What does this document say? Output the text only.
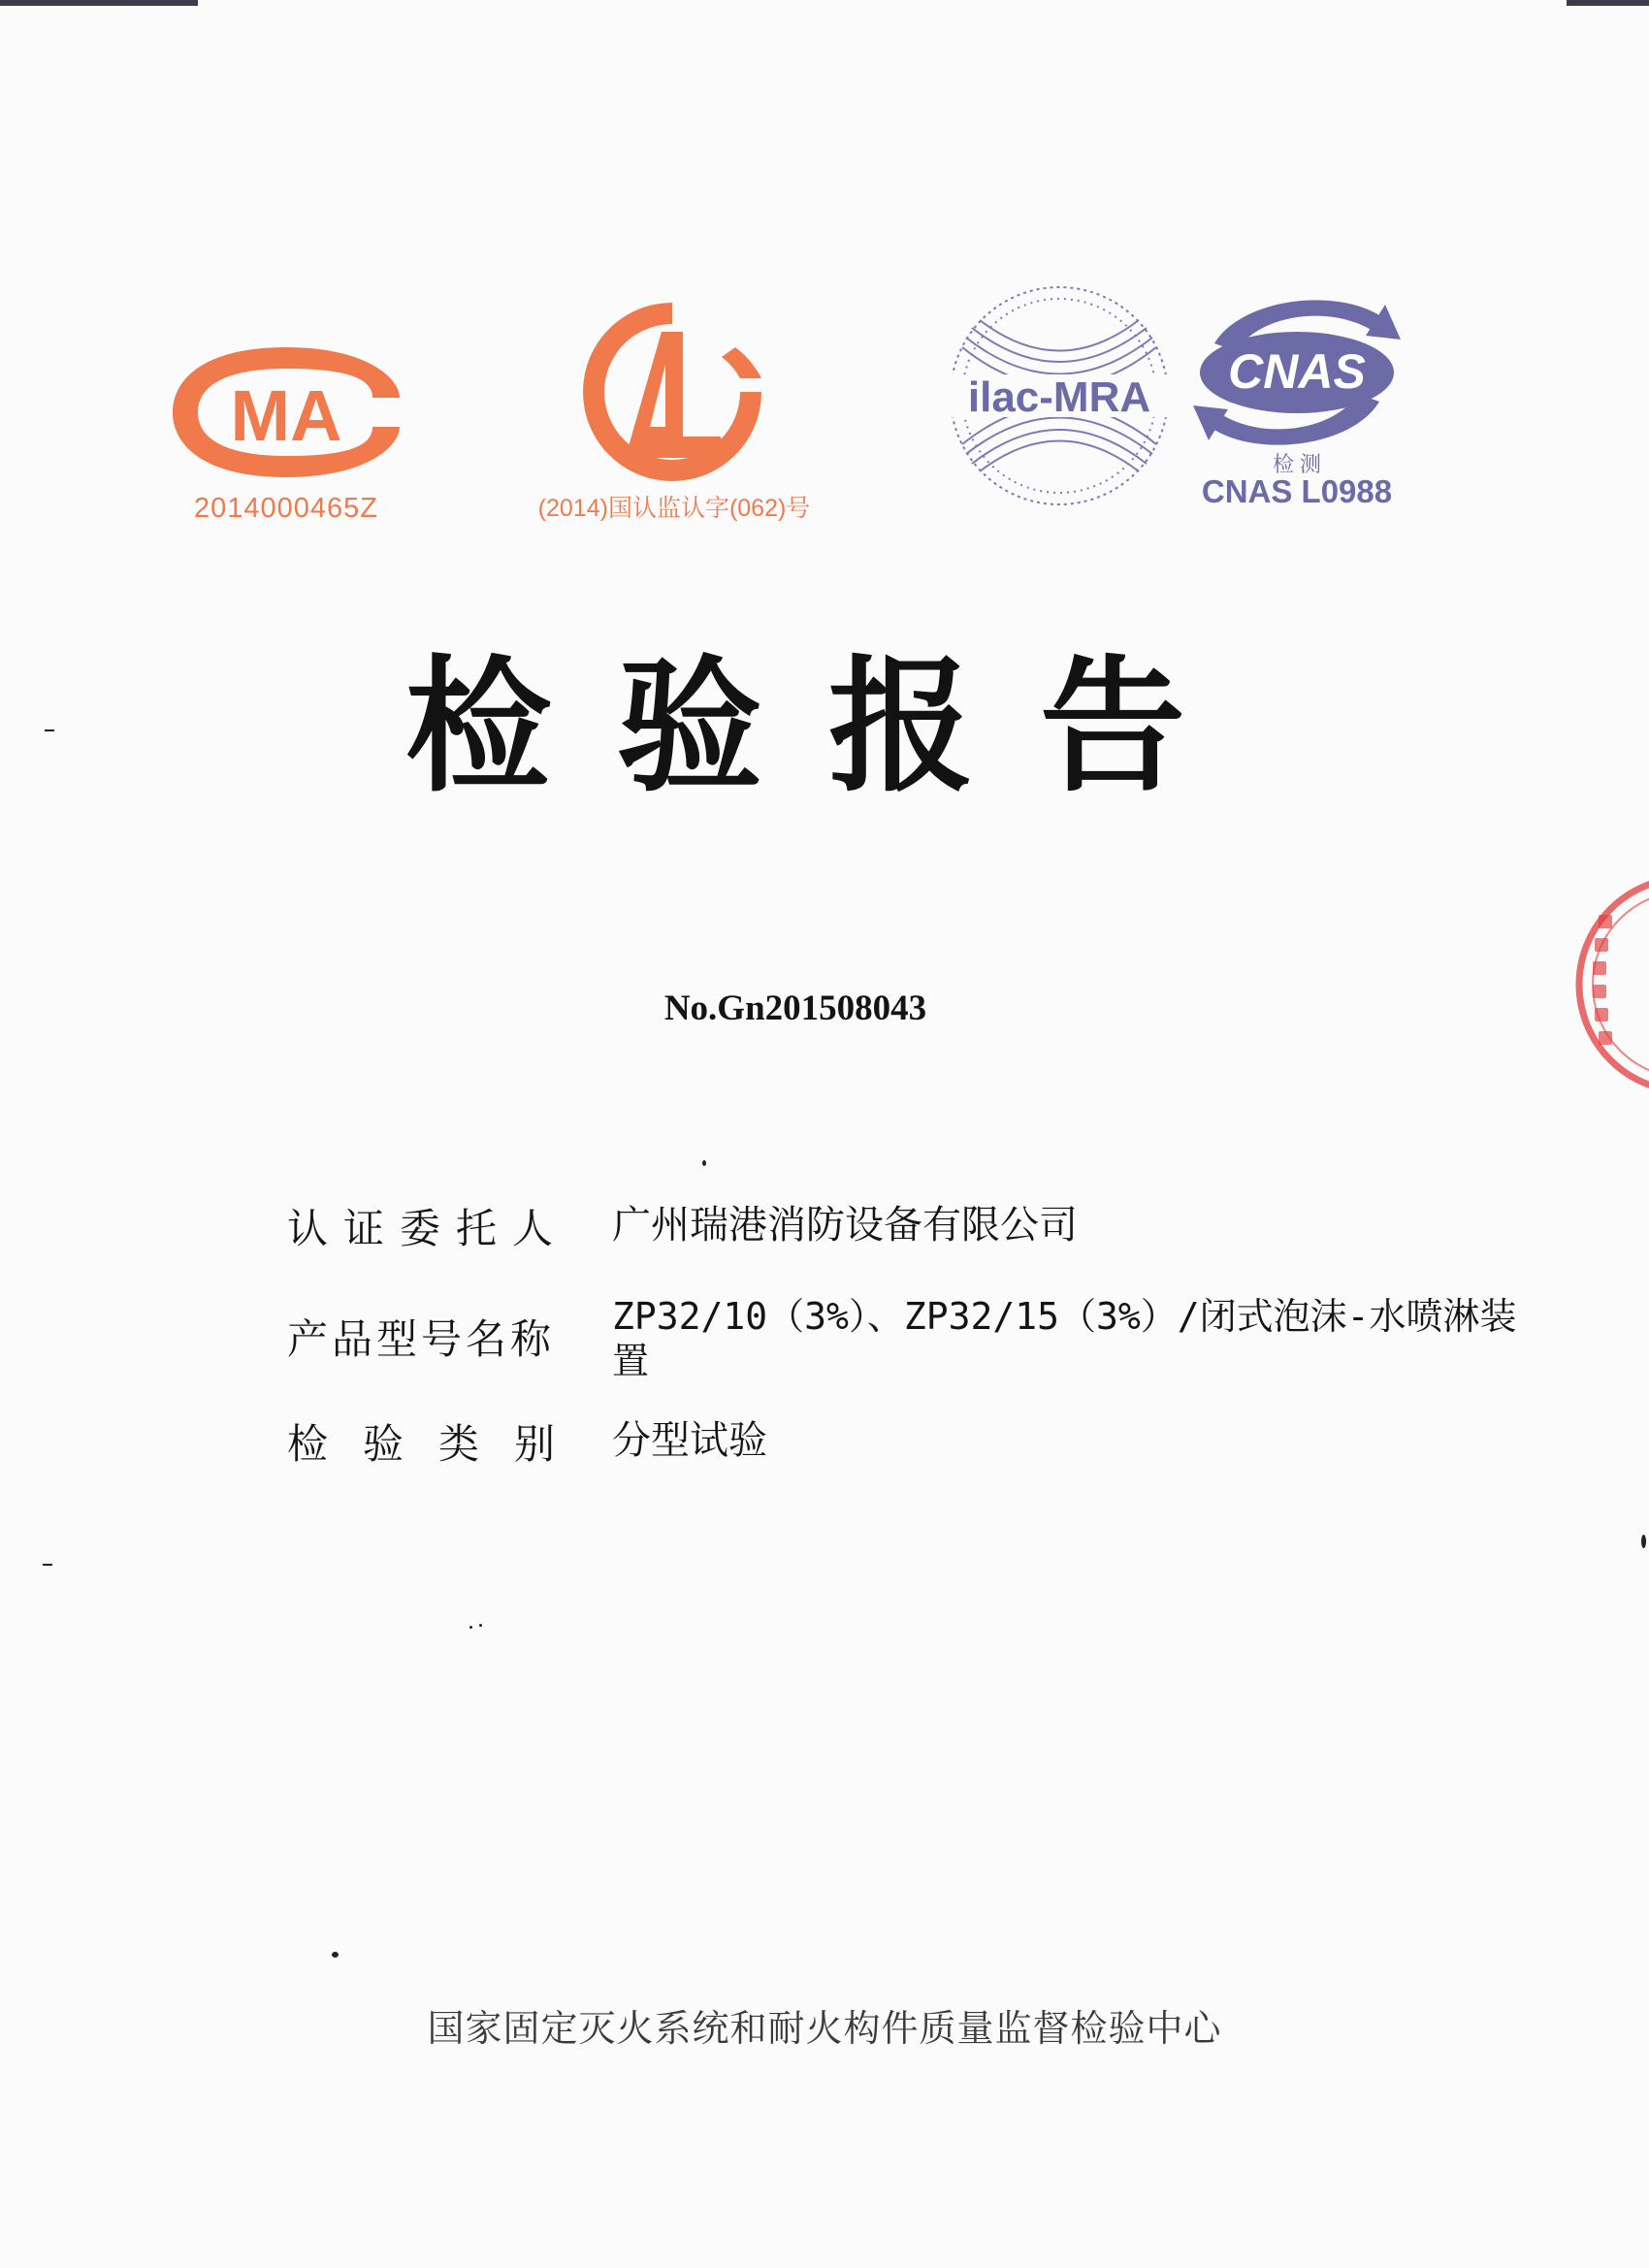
MA
2014000465Z	(2014)国认监认字(062)号
ilac-MRA CNAS
检 测
CNAS L0988
检验报告
No.Gn201508043
认证委托人	广州瑞港消防设备有限公司
产品型号名称	ZP32/10（3%）、ZP32/15（3%）/闭式泡沫-水喷淋装置
检验类别 分型试验
国家固定灭火系统和耐火构件质量监督检验中心
